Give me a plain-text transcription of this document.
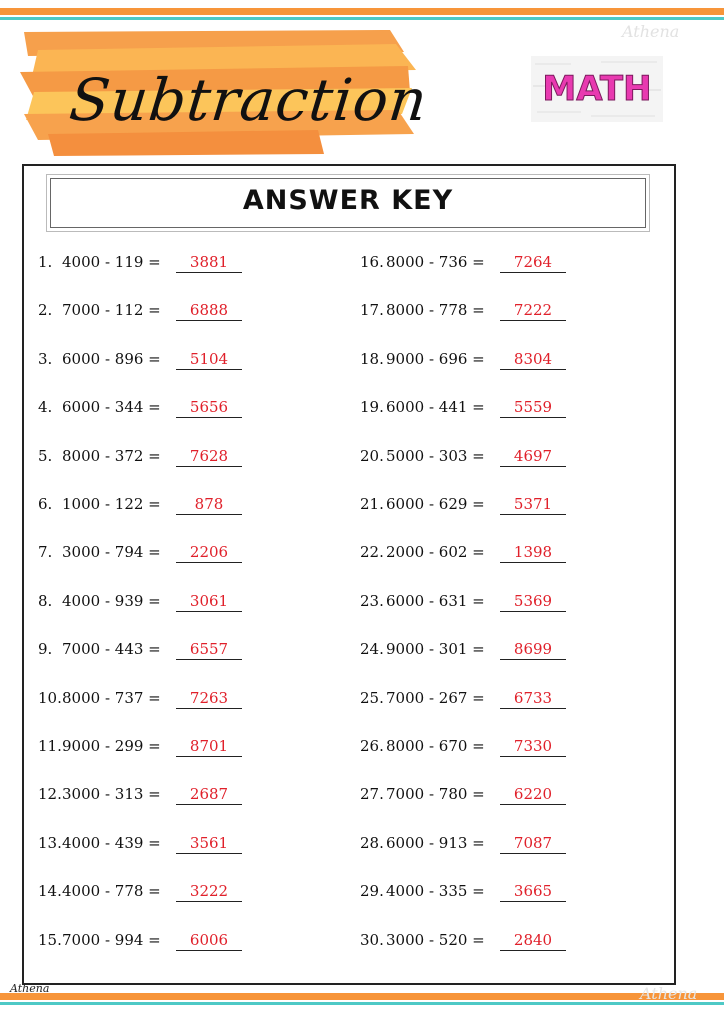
Subtraction
Athena
MATH
ANSWER KEY
1. 4000 - 119 =	3881
2. 7000 - 112 =	6888
3. 6000 - 896 =	5104
4. 6000 - 344 =	5656
5. 8000 - 372 =	7628
6. 1000 - 122 =	878
7. 3000 - 794 =	2206
8. 4000 - 939 =	3061
9. 7000 - 443 =	6557
10. 8000 - 737 =	7263
11. 9000 - 299 =	8701
12. 3000 - 313 =	2687
13. 4000 - 439 =	3561
14. 4000 - 778 =	3222
15. 7000 - 994 =	6006
16. 8000 - 736 =	7264
17. 8000 - 778 =	7222
18. 9000 - 696 =	8304
19. 6000 - 441 =	5559
20. 5000 - 303 =	4697
21. 6000 - 629 =	5371
22. 2000 - 602 =	1398
23. 6000 - 631 =	5369
24. 9000 - 301 =	8699
25. 7000 - 267 =	6733
26. 8000 - 670 =	7330
27. 7000 - 780 =	6220
28. 6000 - 913 =	7087
29. 4000 - 335 =	3665
30. 3000 - 520 =	2840
Athena	Athena
